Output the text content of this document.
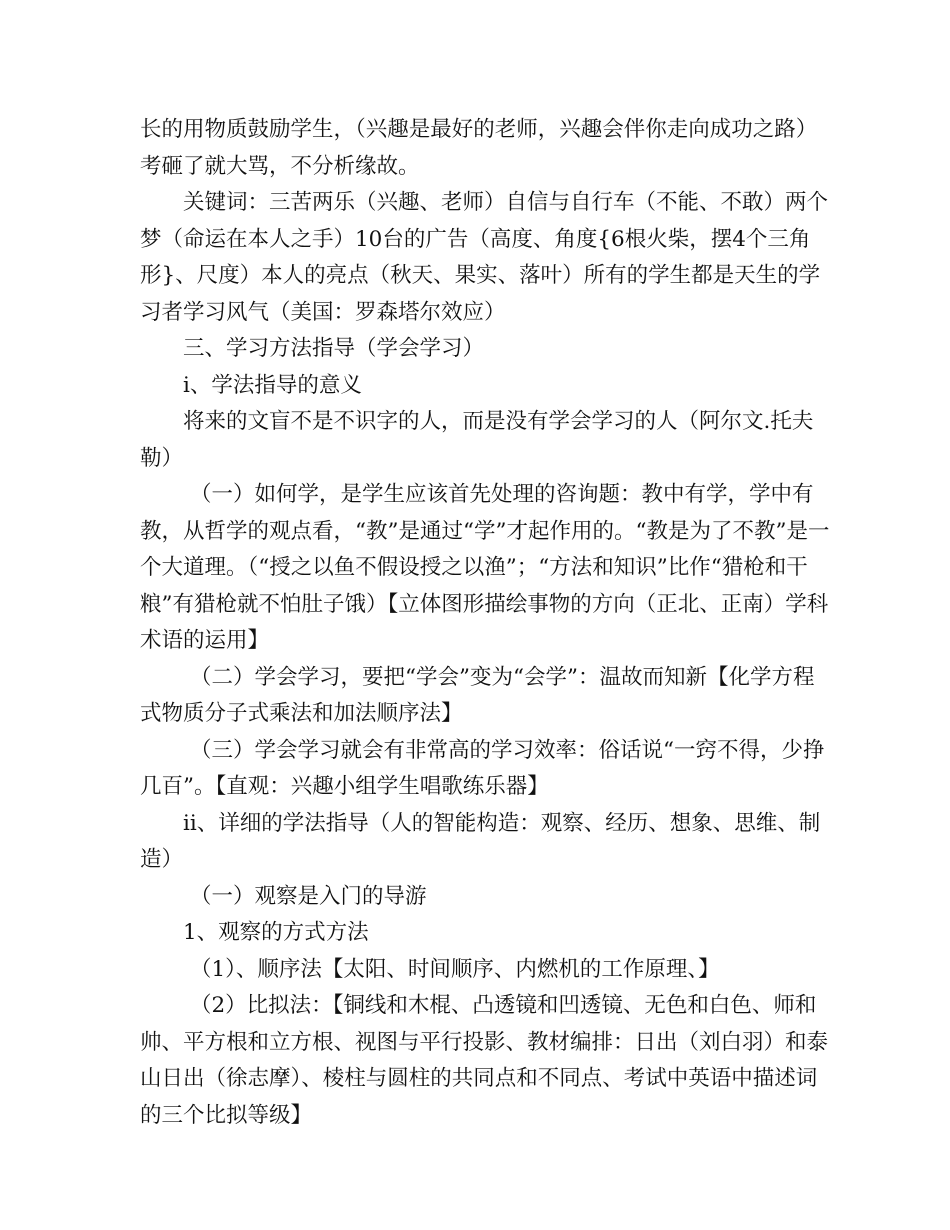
长的用物质鼓励学生，（兴趣是最好的老师，兴趣会伴你走向成功之路）考砸了就大骂，不分析缘故。

关键词：三苦两乐（兴趣、老师）自信与自行车（不能、不敢）两个梦（命运在本人之手）10台的广告（高度、角度{6根火柴，摆4个三角形}、尺度）本人的亮点（秋天、果实、落叶）所有的学生都是天生的学习者学习风气（美国：罗森塔尔效应）

三、学习方法指导（学会学习）

ⅰ、学法指导的意义

将来的文盲不是不识字的人，而是没有学会学习的人（阿尔文.托夫勒）

（一）如何学，是学生应该首先处理的咨询题：教中有学，学中有教，从哲学的观点看，“教”是通过“学”才起作用的。“教是为了不教”是一个大道理。（“授之以鱼不假设授之以渔”；“方法和知识”比作“猎枪和干粮”有猎枪就不怕肚子饿）【立体图形描绘事物的方向（正北、正南）学科术语的运用】

（二）学会学习，要把“学会”变为“会学”：温故而知新【化学方程式物质分子式乘法和加法顺序法】

（三）学会学习就会有非常高的学习效率：俗话说“一窍不得，少挣几百”。【直观：兴趣小组学生唱歌练乐器】

ⅱ、详细的学法指导（人的智能构造：观察、经历、想象、思维、制造）

（一）观察是入门的导游

1、观察的方式方法

（1）、顺序法【太阳、时间顺序、内燃机的工作原理、】

（2）比拟法：【铜线和木棍、凸透镜和凹透镜、无色和白色、师和帅、平方根和立方根、视图与平行投影、教材编排：日出（刘白羽）和泰山日出（徐志摩）、棱柱与圆柱的共同点和不同点、考试中英语中描述词的三个比拟等级】
